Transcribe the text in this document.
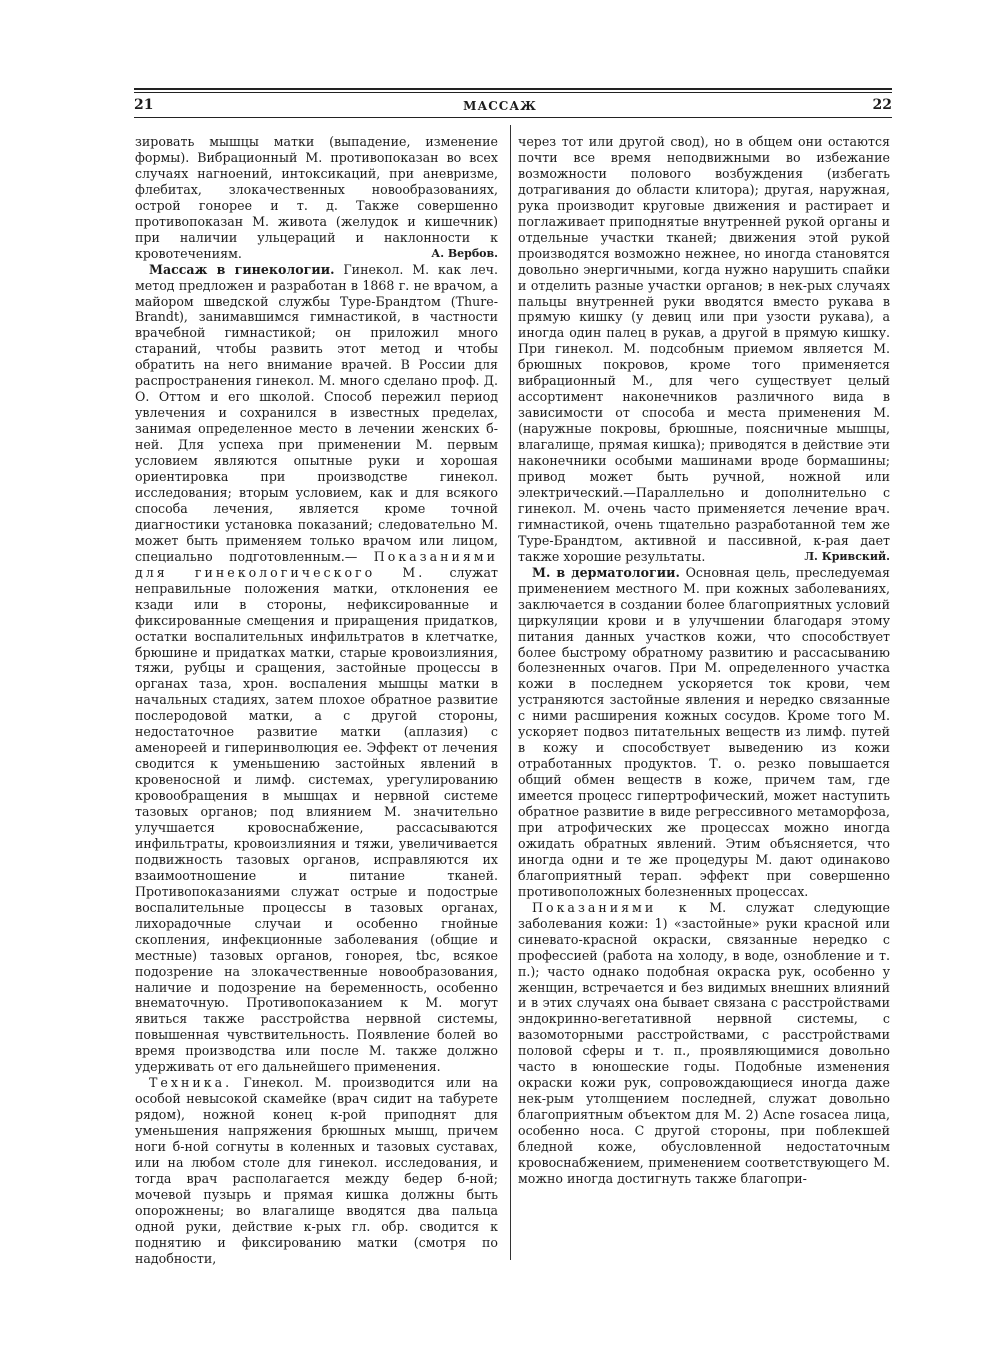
21	МАССАЖ	22

зировать мышцы матки (выпадение, изменение формы). Вибрационный М. противопоказан во всех случаях нагноений, интоксикаций, при аневризме, флебитах, злокачественных новообразованиях, острой гонорее и т. д. Также совершенно противопоказан М. живота (желудок и кишечник) при наличии ульцераций и наклонности к кровотечениям.	А. Вербов.

Массаж в гинекологии. Гинекол. М. как леч. метод предложен и разработан в 1868 г. не врачом, а майором шведской службы Туре-Брандтом (Thure-Brandt), занимавшимся гимнастикой, в частности врачебной гимнастикой; он приложил много стараний, чтобы развить этот метод и чтобы обратить на него внимание врачей. В России для распространения гинекол. М. много сделано проф. Д. О. Оттом и его школой. Способ пережил период увлечения и сохранился в известных пределах, занимая определенное место в лечении женских б-ней. Для успеха при применении М. первым условием являются опытные руки и хорошая ориентировка при производстве гинекол. исследования; вторым условием, как и для всякого способа лечения, является кроме точной диагностики установка показаний; следовательно М. может быть применяем только врачом или лицом, специально подготовленным.— Показаниями для гинекологического М. служат неправильные положения матки, отклонения ее кзади или в стороны, нефиксированные и фиксированные смещения и приращения придатков, остатки воспалительных инфильтратов в клетчатке, брюшине и придатках матки, старые кровоизлияния, тяжи, рубцы и сращения, застойные процессы в органах таза, хрон. воспаления мышцы матки в начальных стадиях, затем плохое обратное развитие послеродовой матки, а с другой стороны, недостаточное развитие матки (аплазия) с аменореей и гиперинволюция ее. Эффект от лечения сводится к уменьшению застойных явлений в кровеносной и лимф. системах, урегулированию кровообращения в мышцах и нервной системе тазовых органов; под влиянием М. значительно улучшается кровоснабжение, рассасываются инфильтраты, кровоизлияния и тяжи, увеличивается подвижность тазовых органов, исправляются их взаимоотношение и питание тканей. Противопоказаниями служат острые и подострые воспалительные процессы в тазовых органах, лихорадочные случаи и особенно гнойные скопления, инфекционные заболевания (общие и местные) тазовых органов, гонорея, tbc, всякое подозрение на злокачественные новообразования, наличие и подозрение на беременность, особенно внематочную. Противопоказанием к М. могут явиться также расстройства нервной системы, повышенная чувствительность. Появление болей во время производства или после М. также должно удерживать от его дальнейшего применения.

Техника. Гинекол. М. производится или на особой невысокой скамейке (врач сидит на табурете рядом), ножной конец к-рой приподнят для уменьшения напряжения брюшных мышц, причем ноги б-ной согнуты в коленных и тазовых суставах, или на любом столе для гинекол. исследования, и тогда врач располагается между бедер б-ной; мочевой пузырь и прямая кишка должны быть опорожнены; во влагалище вводятся два пальца одной руки, действие к-рых гл. обр. сводится к поднятию и фиксированию матки (смотря по надобности,

через тот или другой свод), но в общем они остаются почти все время неподвижными во избежание возможности полового возбуждения (избегать дотрагивания до области клитора); другая, наружная, рука производит круговые движения и растирает и поглаживает приподнятые внутренней рукой органы и отдельные участки тканей; движения этой рукой производятся возможно нежнее, но иногда становятся довольно энергичными, когда нужно нарушить спайки и отделить разные участки органов; в нек-рых случаях пальцы внутренней руки вводятся вместо рукава в прямую кишку (у девиц или при узости рукава), а иногда один палец в рукав, а другой в прямую кишку. При гинекол. М. подсобным приемом является М. брюшных покровов, кроме того применяется вибрационный М., для чего существует целый ассортимент наконечников различного вида в зависимости от способа и места применения М. (наружные покровы, брюшные, поясничные мышцы, влагалище, прямая кишка); приводятся в действие эти наконечники особыми машинами вроде бормашины; привод может быть ручной, ножной или электрический.—Параллельно и дополнительно с гинекол. М. очень часто применяется лечение врач. гимнастикой, очень тщательно разработанной тем же Туре-Брандтом, активной и пассивной, к-рая дает также хорошие результаты.	Л. Кривский.

М. в дерматологии. Основная цель, преследуемая применением местного М. при кожных заболеваниях, заключается в создании более благоприятных условий циркуляции крови и в улучшении благодаря этому питания данных участков кожи, что способствует более быстрому обратному развитию и рассасыванию болезненных очагов. При М. определенного участка кожи в последнем ускоряется ток крови, чем устраняются застойные явления и нередко связанные с ними расширения кожных сосудов. Кроме того М. ускоряет подвоз питательных веществ из лимф. путей в кожу и способствует выведению из кожи отработанных продуктов. Т. о. резко повышается общий обмен веществ в коже, причем там, где имеется процесс гипертрофический, может наступить обратное развитие в виде регрессивного метаморфоза, при атрофических же процессах можно иногда ожидать обратных явлений. Этим объясняется, что иногда одни и те же процедуры М. дают одинаково благоприятный терап. эффект при совершенно противоположных болезненных процессах.

Показаниями к М. служат следующие заболевания кожи: 1) «застойные» руки красной или синевато-красной окраски, связанные нередко с профессией (работа на холоду, в воде, ознобление и т. п.); часто однако подобная окраска рук, особенно у женщин, встречается и без видимых внешних влияний и в этих случаях она бывает связана с расстройствами эндокринно-вегетативной нервной системы, с вазомоторными расстройствами, с расстройствами половой сферы и т. п., проявляющимися довольно часто в юношеские годы. Подобные изменения окраски кожи рук, сопровождающиеся иногда даже нек-рым утолщением последней, служат довольно благоприятным объектом для М. 2) Acne rosacea лица, особенно носа. С другой стороны, при поблекшей бледной коже, обусловленной недостаточным кровоснабжением, применением соответствующего М. можно иногда достигнуть также благопри-
